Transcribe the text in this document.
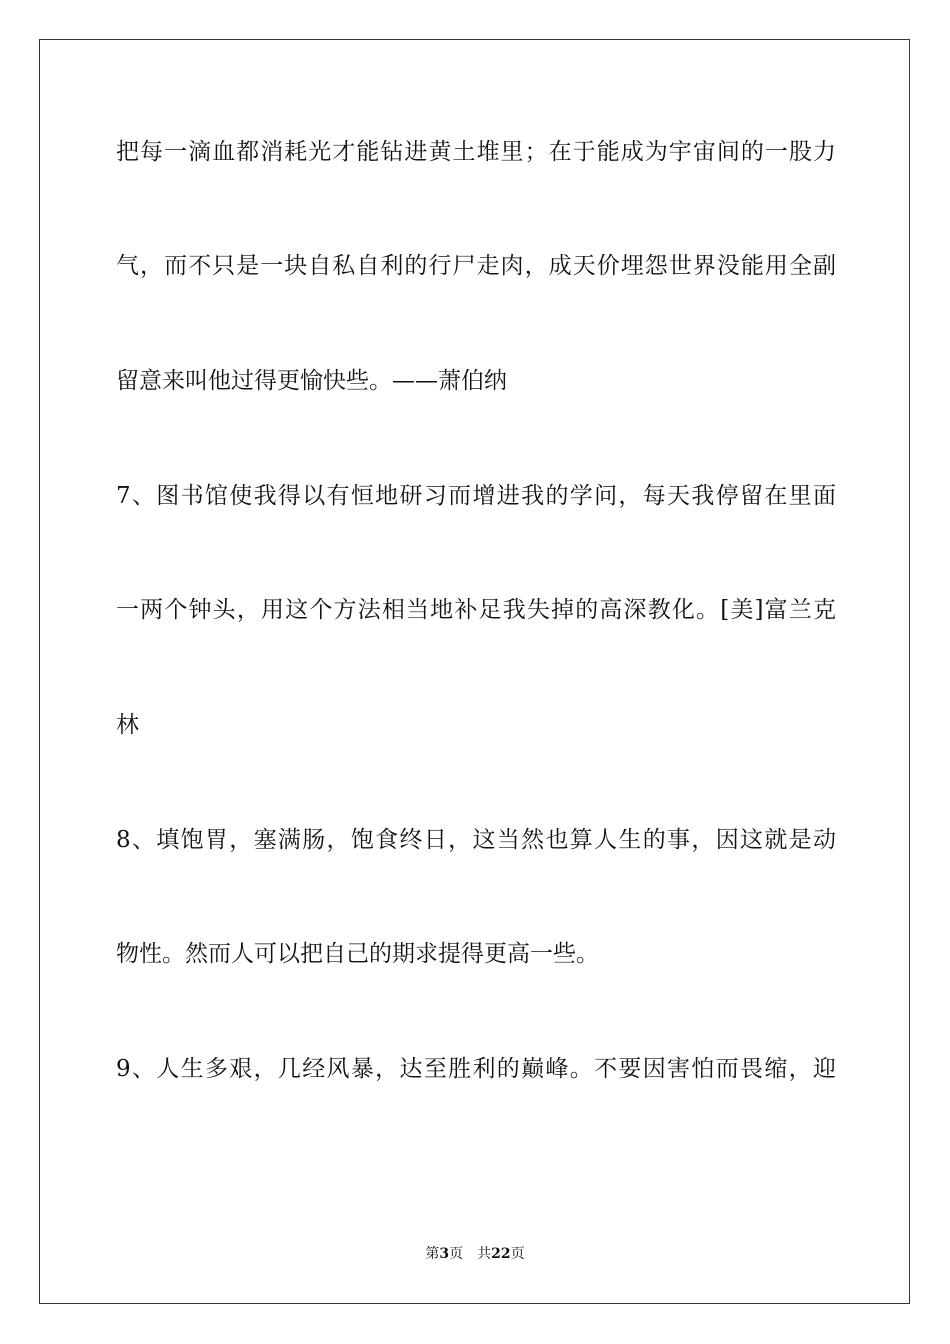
把每一滴血都消耗光才能钻进黄土堆里；在于能成为宇宙间的一股力
气，而不只是一块自私自利的行尸走肉，成天价埋怨世界没能用全副
留意来叫他过得更愉快些。——萧伯纳
7、图书馆使我得以有恒地研习而增进我的学问，每天我停留在里面
一两个钟头，用这个方法相当地补足我失掉的高深教化。[美]富兰克
林
8、填饱胃，塞满肠，饱食终日，这当然也算人生的事，因这就是动
物性。然而人可以把自己的期求提得更高一些。
9、人生多艰，几经风暴，达至胜利的巅峰。不要因害怕而畏缩，迎
第3页 共22页
